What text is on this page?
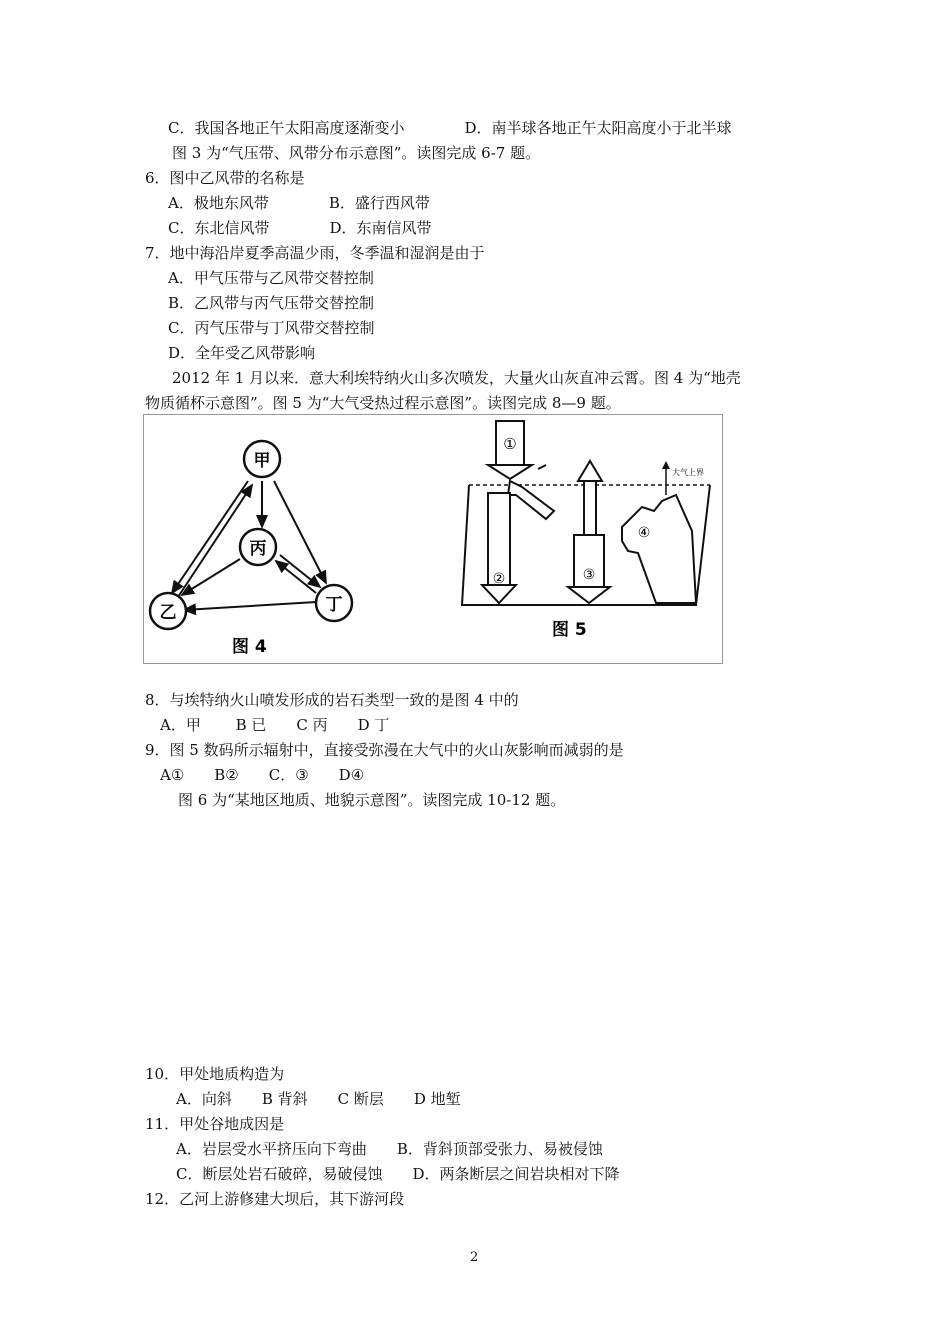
C．我国各地正午太阳高度逐渐变小　　　　D．南半球各地正午太阳高度小于北半球
图 3 为“气压带、风带分布示意图”。读图完成 6-7 题。
6．图中乙风带的名称是
A．极地东风带　　　　B．盛行西风带
C．东北信风带　　　　D．东南信风带
7．地中海沿岸夏季高温少雨，冬季温和湿润是由于
A．甲气压带与乙风带交替控制
B．乙风带与丙气压带交替控制
C．丙气压带与丁风带交替控制
D．全年受乙风带影响
2012 年 1 月以来．意大利埃特纳火山多次喷发，大量火山灰直冲云霄。图 4 为“地壳
物质循杯示意图”。图 5 为“大气受热过程示意图”。读图完成 8—9 题。
甲
丙
乙	丁
图 4
①
②	③
④
大气上界
图 5
8．与埃特纳火山喷发形成的岩石类型一致的是图 4 中的
A．甲　　 B 已　　C 丙　　D 丁
9．图 5 数码所示辐射中，直接受弥漫在大气中的火山灰影响而减弱的是
A①　　B②　　C．③　　D④
图 6 为“某地区地质、地貌示意图”。读图完成 10-12 题。
10．甲处地质构造为
A．向斜　　B 背斜　　C 断层　　D 地堑
11．甲处谷地成因是
A．岩层受水平挤压向下弯曲　　B．背斜顶部受张力、易被侵蚀
C．断层处岩石破碎，易破侵蚀　　D．两条断层之间岩块相对下降
12．乙河上游修建大坝后，其下游河段
2
